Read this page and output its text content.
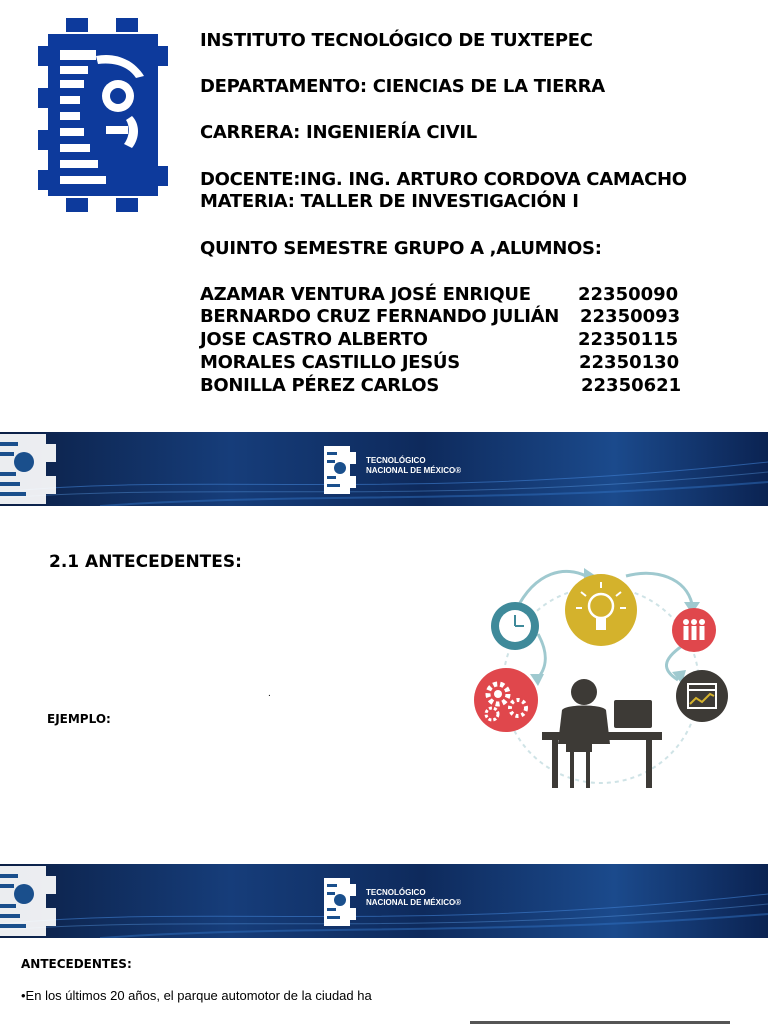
INSTITUTO TECNOLÓGICO DE TUXTEPEC
DEPARTAMENTO: CIENCIAS DE LA TIERRA
CARRERA: INGENIERÍA CIVIL
DOCENTE:ING. ING. ARTURO CORDOVA CAMACHO
MATERIA: TALLER DE INVESTIGACIÓN I
QUINTO SEMESTRE GRUPO A ,ALUMNOS:
AZAMAR VENTURA JOSÉ ENRIQUE	22350090
BERNARDO CRUZ FERNANDO JULIÁN 22350093
JOSE CASTRO ALBERTO	22350115
MORALES CASTILLO JESÚS	22350130
BONILLA PÉREZ CARLOS	22350621
TECNOLÓGICO
NACIONAL DE MÉXICO®
2.1 ANTECEDENTES:
.
EJEMPLO:
TECNOLÓGICO
NACIONAL DE MÉXICO®
ANTECEDENTES:
•En los últimos 20 años, el parque automotor de la ciudad ha
